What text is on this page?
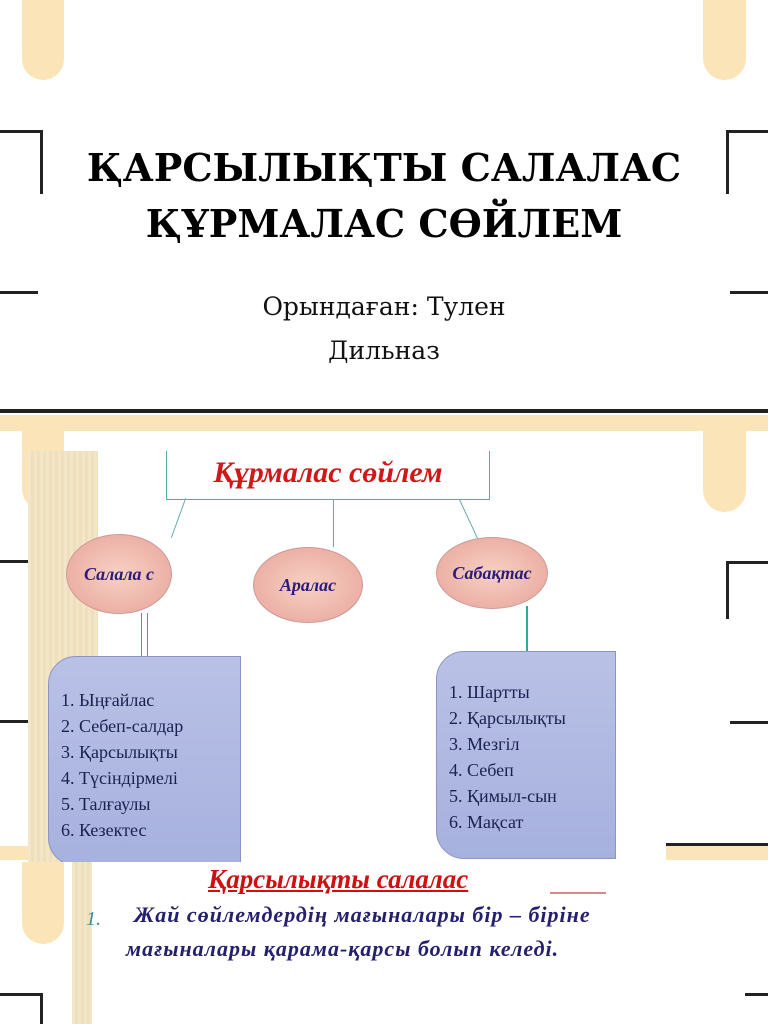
ҚАРСЫЛЫҚТЫ САЛАЛАС
ҚҰРМАЛАС СӨЙЛЕМ
Орындаған: Тулен
Дильназ
Құрмалас сөйлем
Салала с
Аралас
Сабақтас
1. Ыңғайлас
2. Себеп-салдар
3. Қарсылықты
4. Түсіндірмелі
5. Талғаулы
6. Кезектес
1. Шартты
2. Қарсылықты
3. Мезгіл
4. Себеп
5. Қимыл-сын
6. Мақсат
Қарсылықты салалас
1.	Жай сөйлемдердің мағыналары бір – біріне мағыналары қарама-қарсы болып келеді.
